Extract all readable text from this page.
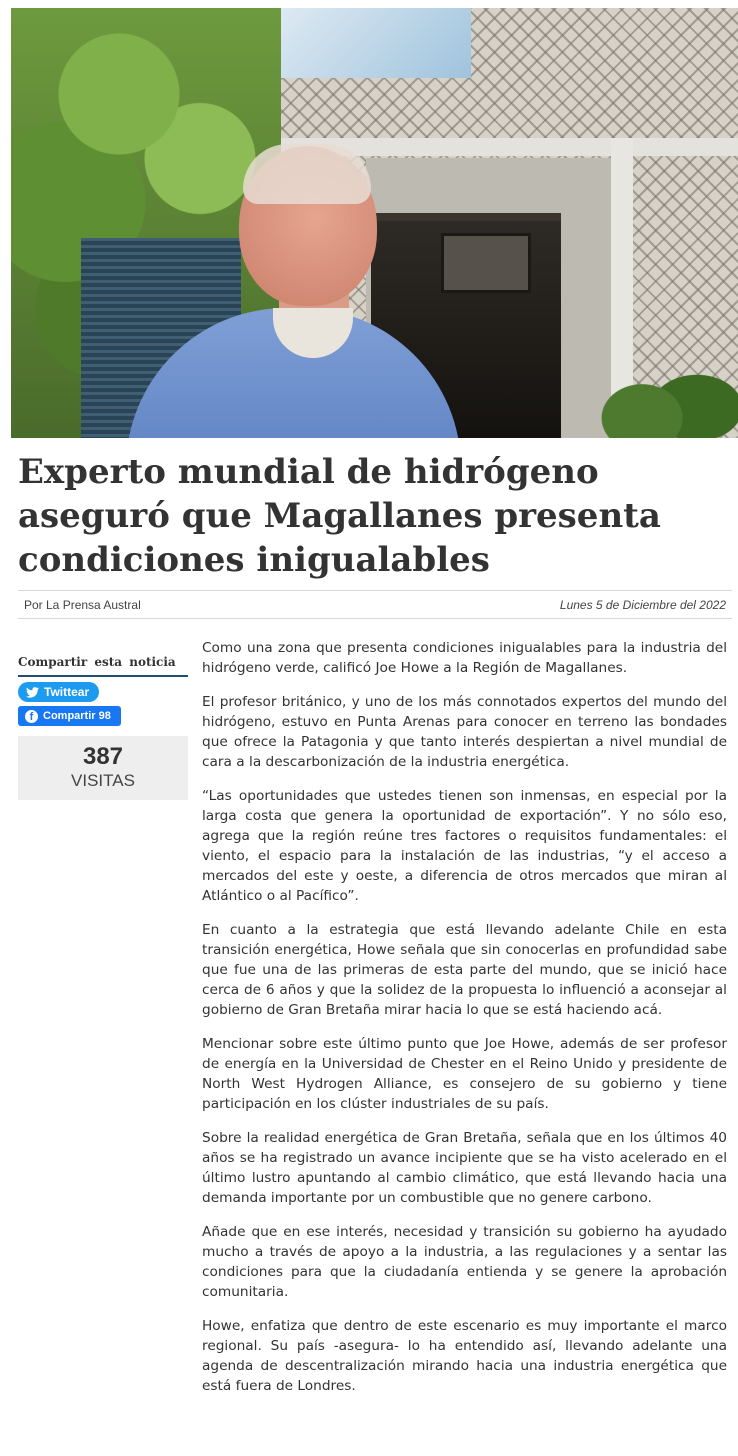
Experto mundial de hidrógeno aseguró que Magallanes presenta condiciones inigualables
Por La Prensa Austral	Lunes 5 de Diciembre del 2022
Compartir esta noticia
Twittear
f Compartir 98
387
VISITAS

Como una zona que presenta condiciones inigualables para la industria del hidrógeno verde, calificó Joe Howe a la Región de Magallanes.

El profesor británico, y uno de los más connotados expertos del mundo del hidrógeno, estuvo en Punta Arenas para conocer en terreno las bondades que ofrece la Patagonia y que tanto interés despiertan a nivel mundial de cara a la descarbonización de la industria energética.

“Las oportunidades que ustedes tienen son inmensas, en especial por la larga costa que genera la oportunidad de exportación”. Y no sólo eso, agrega que la región reúne tres factores o requisitos fundamentales: el viento, el espacio para la instalación de las industrias, “y el acceso a mercados del este y oeste, a diferencia de otros mercados que miran al Atlántico o al Pacífico”.

En cuanto a la estrategia que está llevando adelante Chile en esta transición energética, Howe señala que sin conocerlas en profundidad sabe que fue una de las primeras de esta parte del mundo, que se inició hace cerca de 6 años y que la solidez de la propuesta lo influenció a aconsejar al gobierno de Gran Bretaña mirar hacia lo que se está haciendo acá.

Mencionar sobre este último punto que Joe Howe, además de ser profesor de energía en la Universidad de Chester en el Reino Unido y presidente de North West Hydrogen Alliance, es consejero de su gobierno y tiene participación en los clúster industriales de su país.

Sobre la realidad energética de Gran Bretaña, señala que en los últimos 40 años se ha registrado un avance incipiente que se ha visto acelerado en el último lustro apuntando al cambio climático, que está llevando hacia una demanda importante por un combustible que no genere carbono.

Añade que en ese interés, necesidad y transición su gobierno ha ayudado mucho a través de apoyo a la industria, a las regulaciones y a sentar las condiciones para que la ciudadanía entienda y se genere la aprobación comunitaria.

Howe, enfatiza que dentro de este escenario es muy importante el marco regional. Su país -asegura- lo ha entendido así, llevando adelante una agenda de descentralización mirando hacia una industria energética que está fuera de Londres.
